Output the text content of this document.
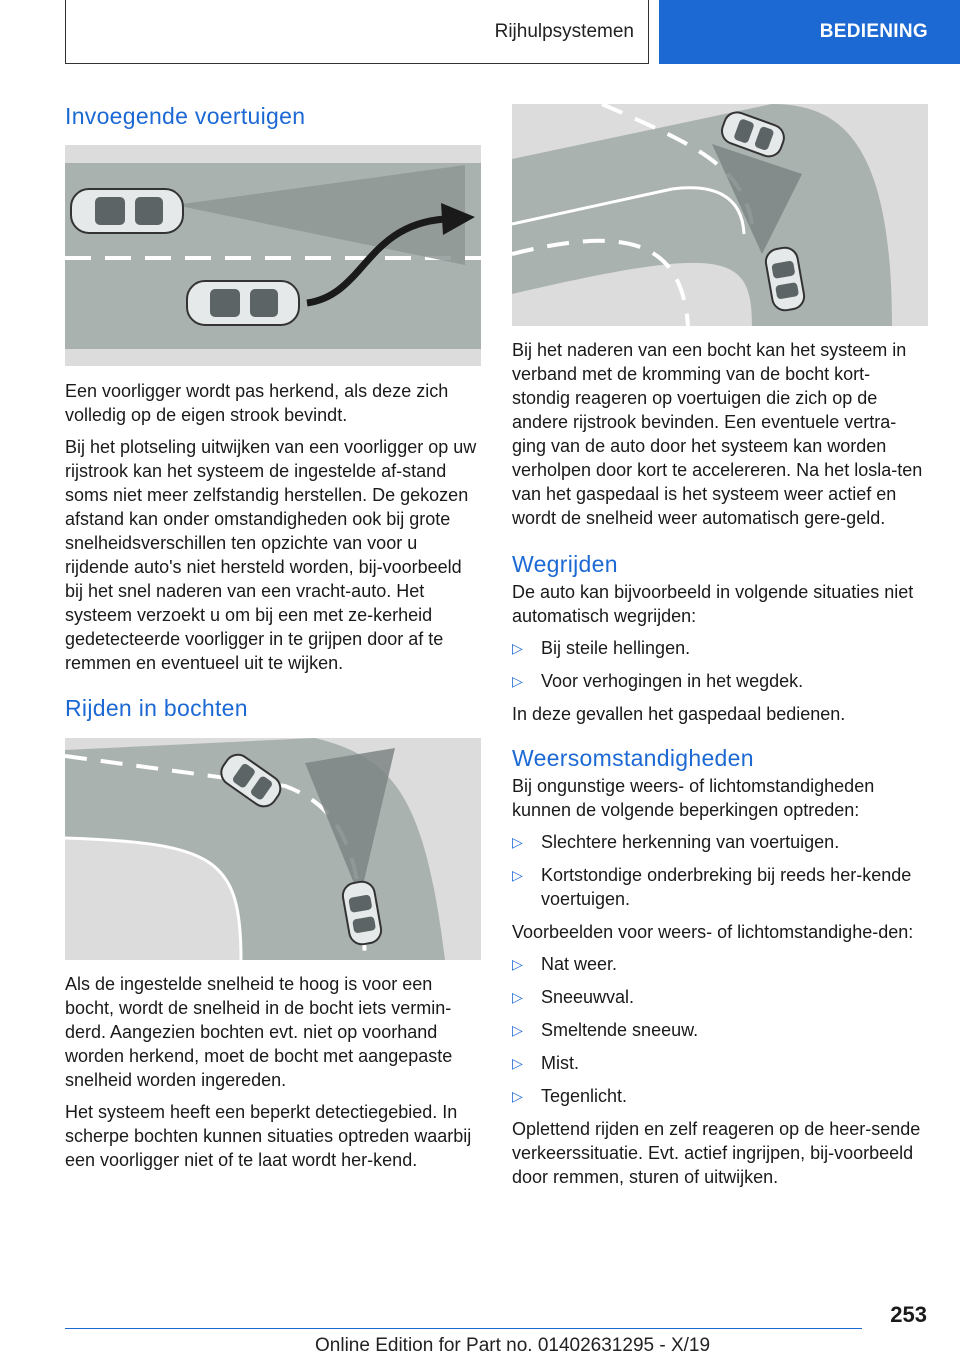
Rijhulpsystemen	BEDIENING
Invoegende voertuigen

Een voorligger wordt pas herkend, als deze zich volledig op de eigen strook bevindt.

Bij het plotseling uitwijken van een voorligger op uw rijstrook kan het systeem de ingestelde af-stand soms niet meer zelfstandig herstellen. De gekozen afstand kan onder omstandigheden ook bij grote snelheidsverschillen ten opzichte van voor u rijdende auto's niet hersteld worden, bij-voorbeeld bij het snel naderen van een vracht-auto. Het systeem verzoekt u om bij een met ze-kerheid gedetecteerde voorligger in te grijpen door af te remmen en eventueel uit te wijken.

Rijden in bochten

Als de ingestelde snelheid te hoog is voor een bocht, wordt de snelheid in de bocht iets vermin-derd. Aangezien bochten evt. niet op voorhand worden herkend, moet de bocht met aangepaste snelheid worden ingereden.

Het systeem heeft een beperkt detectiegebied. In scherpe bochten kunnen situaties optreden waarbij een voorligger niet of te laat wordt her-kend.

Bij het naderen van een bocht kan het systeem in verband met de kromming van de bocht kort-stondig reageren op voertuigen die zich op de andere rijstrook bevinden. Een eventuele vertra-ging van de auto door het systeem kan worden verholpen door kort te accelereren. Na het losla-ten van het gaspedaal is het systeem weer actief en wordt de snelheid weer automatisch gere-geld.

Wegrijden

De auto kan bijvoorbeeld in volgende situaties niet automatisch wegrijden:

▷ Bij steile hellingen.
▷ Voor verhogingen in het wegdek.

In deze gevallen het gaspedaal bedienen.

Weersomstandigheden

Bij ongunstige weers- of lichtomstandigheden kunnen de volgende beperkingen optreden:

▷ Slechtere herkenning van voertuigen.
▷ Kortstondige onderbreking bij reeds her-kende voertuigen.

Voorbeelden voor weers- of lichtomstandighe-den:

▷ Nat weer.
▷ Sneeuwval.
▷ Smeltende sneeuw.
▷ Mist.
▷ Tegenlicht.

Oplettend rijden en zelf reageren op de heer-sende verkeerssituatie. Evt. actief ingrijpen, bij-voorbeeld door remmen, sturen of uitwijken.

253
Online Edition for Part no. 01402631295 - X/19
